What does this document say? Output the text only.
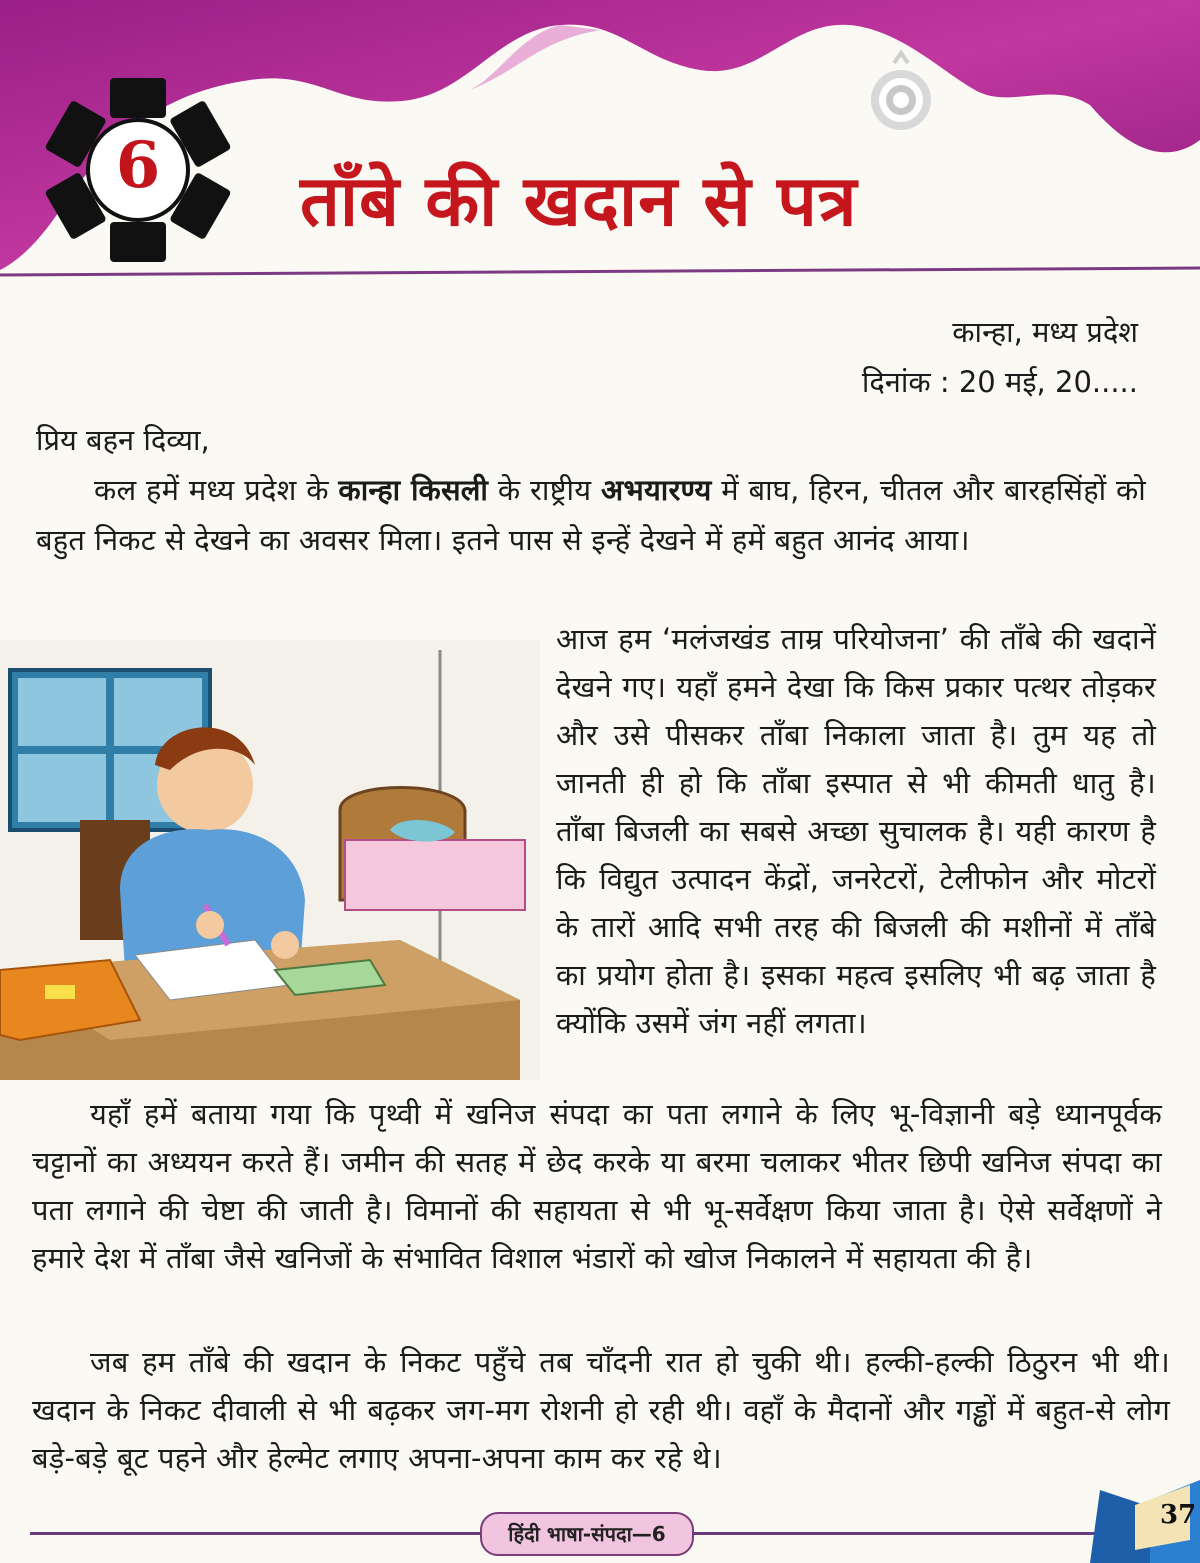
6	ताँबे की खदान से पत्र
कान्हा, मध्य प्रदेश
दिनांक : 20 मई, 20.....
प्रिय बहन दिव्या,

कल हमें मध्य प्रदेश के कान्हा किसली के राष्ट्रीय अभयारण्य में बाघ, हिरन, चीतल और बारहसिंहों को बहुत निकट से देखने का अवसर मिला। इतने पास से इन्हें देखने में हमें बहुत आनंद आया।

आज हम ‘मलंजखंड ताम्र परियोजना’ की ताँबे की खदानें देखने गए। यहाँ हमने देखा कि किस प्रकार पत्थर तोड़कर और उसे पीसकर ताँबा निकाला जाता है। तुम यह तो जानती ही हो कि ताँबा इस्पात से भी कीमती धातु है। ताँबा बिजली का सबसे अच्छा सुचालक है। यही कारण है कि विद्युत उत्पादन केंद्रों, जनरेटरों, टेलीफोन और मोटरों के तारों आदि सभी तरह की बिजली की मशीनों में ताँबे का प्रयोग होता है। इसका महत्व इसलिए भी बढ़ जाता है क्योंकि उसमें जंग नहीं लगता।

यहाँ हमें बताया गया कि पृथ्वी में खनिज संपदा का पता लगाने के लिए भू-विज्ञानी बड़े ध्यानपूर्वक चट्टानों का अध्ययन करते हैं। जमीन की सतह में छेद करके या बरमा चलाकर भीतर छिपी खनिज संपदा का पता लगाने की चेष्टा की जाती है। विमानों की सहायता से भी भू-सर्वेक्षण किया जाता है। ऐसे सर्वेक्षणों ने हमारे देश में ताँबा जैसे खनिजों के संभावित विशाल भंडारों को खोज निकालने में सहायता की है।

जब हम ताँबे की खदान के निकट पहुँचे तब चाँदनी रात हो चुकी थी। हल्की-हल्की ठिठुरन भी थी। खदान के निकट दीवाली से भी बढ़कर जग-मग रोशनी हो रही थी। वहाँ के मैदानों और गड्ढों में बहुत-से लोग बड़े-बड़े बूट पहने और हेल्मेट लगाए अपना-अपना काम कर रहे थे।

हिंदी भाषा-संपदा—6
37
